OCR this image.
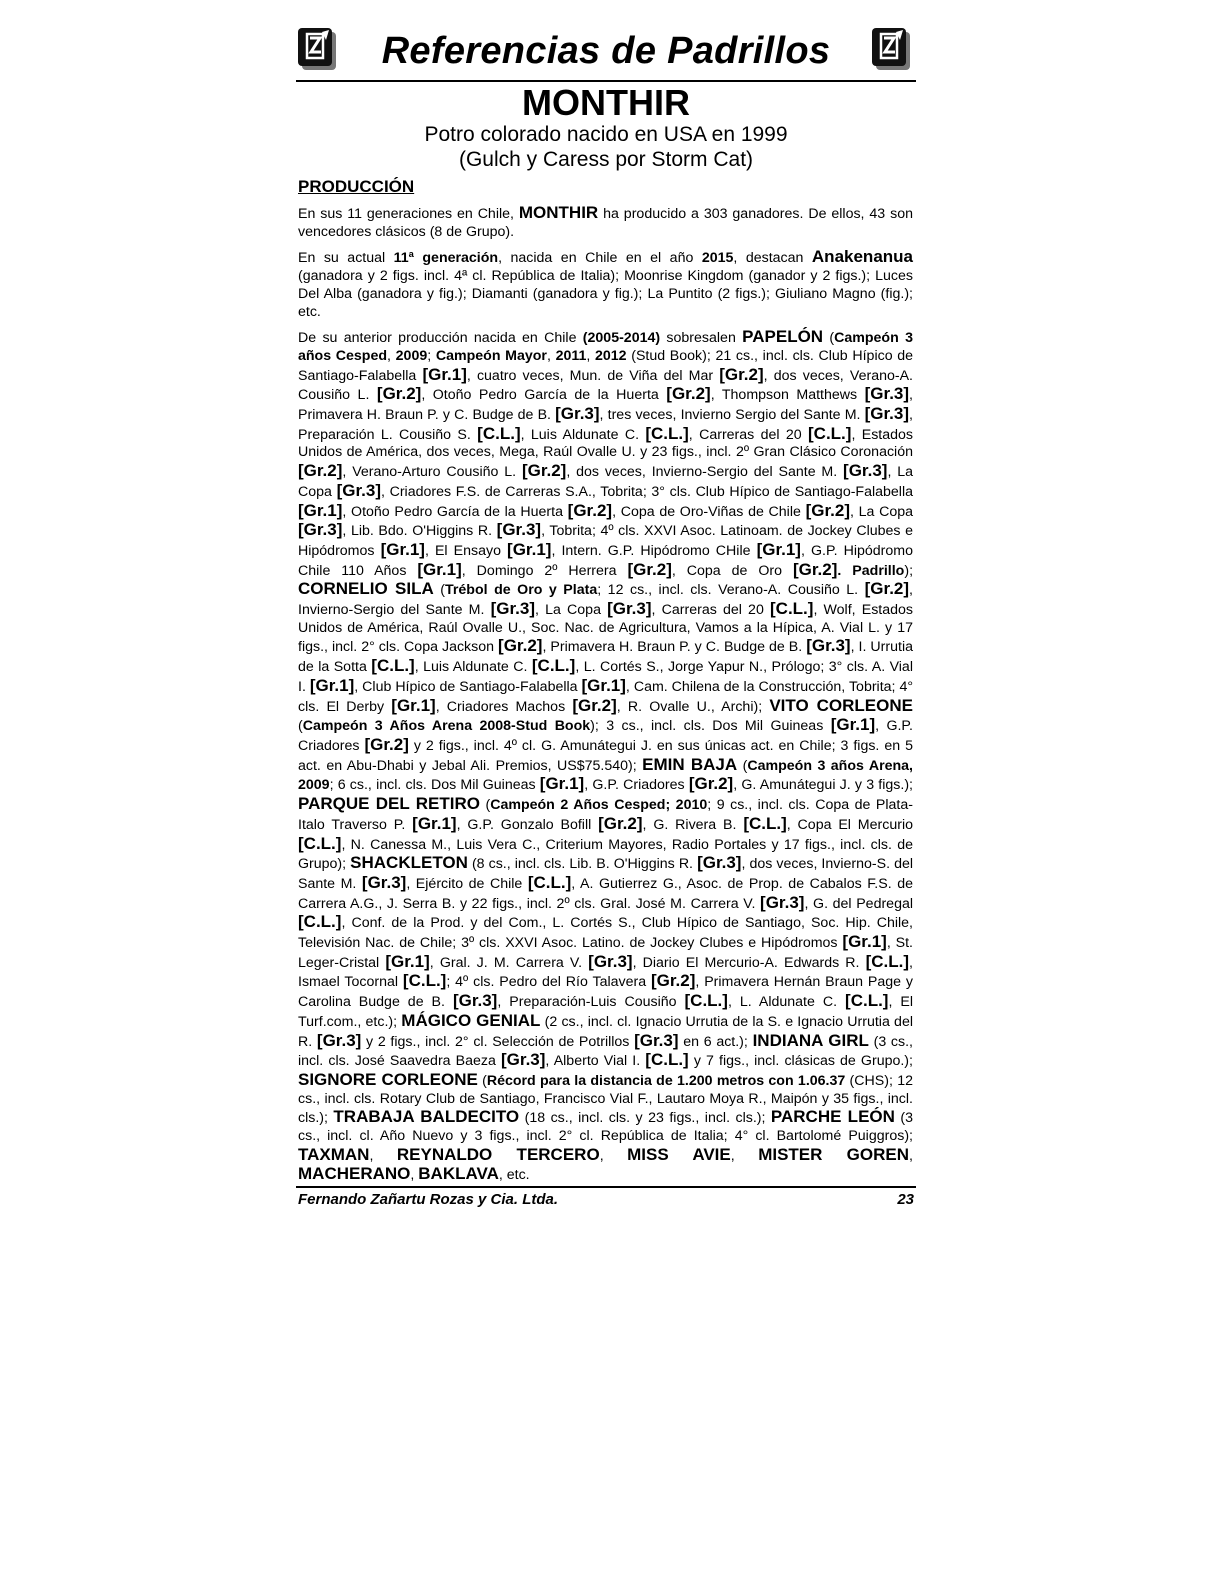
Referencias de Padrillos
MONTHIR
Potro colorado nacido en USA en 1999
(Gulch y Caress por Storm Cat)
PRODUCCIÓN

En sus 11 generaciones en Chile, MONTHIR ha producido a 303 ganadores. De ellos, 43 son vencedores clásicos (8 de Grupo).

En su actual 11ª generación, nacida en Chile en el año 2015, destacan Anakenanua (ganadora y 2 figs. incl. 4ª cl. República de Italia); Moonrise Kingdom (ganador y 2 figs.); Luces Del Alba (ganadora y fig.); Diamanti (ganadora y fig.); La Puntito (2 figs.); Giuliano Magno (fig.); etc.

De su anterior producción nacida en Chile (2005-2014) sobresalen PAPELÓN (Campeón 3 años Cesped, 2009; Campeón Mayor, 2011, 2012 (Stud Book); 21 cs., incl. cls. Club Hípico de Santiago-Falabella [Gr.1], cuatro veces, Mun. de Viña del Mar [Gr.2], dos veces, Verano-A. Cousiño L. [Gr.2], Otoño Pedro García de la Huerta [Gr.2], Thompson Matthews [Gr.3], Primavera H. Braun P. y C. Budge de B. [Gr.3], tres veces, Invierno Sergio del Sante M. [Gr.3], Preparación L. Cousiño S. [C.L.], Luis Aldunate C. [C.L.], Carreras del 20 [C.L.], Estados Unidos de América, dos veces, Mega, Raúl Ovalle U. y 23 figs., incl. 2º Gran Clásico Coronación [Gr.2], Verano-Arturo Cousiño L. [Gr.2], dos veces, Invierno-Sergio del Sante M. [Gr.3], La Copa [Gr.3], Criadores F.S. de Carreras S.A., Tobrita; 3° cls. Club Hípico de Santiago-Falabella [Gr.1], Otoño Pedro García de la Huerta [Gr.2], Copa de Oro-Viñas de Chile [Gr.2], La Copa [Gr.3], Lib. Bdo. O'Higgins R. [Gr.3], Tobrita; 4º cls. XXVI Asoc. Latinoam. de Jockey Clubes e Hipódromos [Gr.1], El Ensayo [Gr.1], Intern. G.P. Hipódromo CHile [Gr.1], G.P. Hipódromo Chile 110 Años [Gr.1], Domingo 2º Herrera [Gr.2], Copa de Oro [Gr.2]. Padrillo); CORNELIO SILA (Trébol de Oro y Plata; 12 cs., incl. cls. Verano-A. Cousiño L. [Gr.2], Invierno-Sergio del Sante M. [Gr.3], La Copa [Gr.3], Carreras del 20 [C.L.], Wolf, Estados Unidos de América, Raúl Ovalle U., Soc. Nac. de Agricultura, Vamos a la Hípica, A. Vial L. y 17 figs., incl. 2° cls. Copa Jackson [Gr.2], Primavera H. Braun P. y C. Budge de B. [Gr.3], I. Urrutia de la Sotta [C.L.], Luis Aldunate C. [C.L.], L. Cortés S., Jorge Yapur N., Prólogo; 3° cls. A. Vial I. [Gr.1], Club Hípico de Santiago-Falabella [Gr.1], Cam. Chilena de la Construcción, Tobrita; 4° cls. El Derby [Gr.1], Criadores Machos [Gr.2], R. Ovalle U., Archi); VITO CORLEONE (Campeón 3 Años Arena 2008-Stud Book); 3 cs., incl. cls. Dos Mil Guineas [Gr.1], G.P. Criadores [Gr.2] y 2 figs., incl. 4º cl. G. Amunátegui J. en sus únicas act. en Chile; 3 figs. en 5 act. en Abu-Dhabi y Jebal Ali. Premios, US$75.540); EMIN BAJA (Campeón 3 años Arena, 2009; 6 cs., incl. cls. Dos Mil Guineas [Gr.1], G.P. Criadores [Gr.2], G. Amunátegui J. y 3 figs.); PARQUE DEL RETIRO (Campeón 2 Años Cesped; 2010; 9 cs., incl. cls. Copa de Plata-Italo Traverso P. [Gr.1], G.P. Gonzalo Bofill [Gr.2], G. Rivera B. [C.L.], Copa El Mercurio [C.L.], N. Canessa M., Luis Vera C., Criterium Mayores, Radio Portales y 17 figs., incl. cls. de Grupo); SHACKLETON (8 cs., incl. cls. Lib. B. O'Higgins R. [Gr.3], dos veces, Invierno-S. del Sante M. [Gr.3], Ejército de Chile [C.L.], A. Gutierrez G., Asoc. de Prop. de Cabalos F.S. de Carrera A.G., J. Serra B. y 22 figs., incl. 2º cls. Gral. José M. Carrera V. [Gr.3], G. del Pedregal [C.L.], Conf. de la Prod. y del Com., L. Cortés S., Club Hípico de Santiago, Soc. Hip. Chile, Televisión Nac. de Chile; 3º cls. XXVI Asoc. Latino. de Jockey Clubes e Hipódromos [Gr.1], St. Leger-Cristal [Gr.1], Gral. J. M. Carrera V. [Gr.3], Diario El Mercurio-A. Edwards R. [C.L.], Ismael Tocornal [C.L.]; 4º cls. Pedro del Río Talavera [Gr.2], Primavera Hernán Braun Page y Carolina Budge de B. [Gr.3], Preparación-Luis Cousiño [C.L.], L. Aldunate C. [C.L.], El Turf.com., etc.); MÁGICO GENIAL (2 cs., incl. cl. Ignacio Urrutia de la S. e Ignacio Urrutia del R. [Gr.3] y 2 figs., incl. 2° cl. Selección de Potrillos [Gr.3] en 6 act.); INDIANA GIRL (3 cs., incl. cls. José Saavedra Baeza [Gr.3], Alberto Vial I. [C.L.] y 7 figs., incl. clásicas de Grupo.); SIGNORE CORLEONE (Récord para la distancia de 1.200 metros con 1.06.37 (CHS); 12 cs., incl. cls. Rotary Club de Santiago, Francisco Vial F., Lautaro Moya R., Maipón y 35 figs., incl. cls.); TRABAJA BALDECITO (18 cs., incl. cls. y 23 figs., incl. cls.); PARCHE LEÓN (3 cs., incl. cl. Año Nuevo y 3 figs., incl. 2° cl. República de Italia; 4° cl. Bartolomé Puiggros); TAXMAN, REYNALDO TERCERO, MISS AVIE, MISTER GOREN, MACHERANO, BAKLAVA, etc.

Fernando Zañartu Rozas y Cia. Ltda.	23
